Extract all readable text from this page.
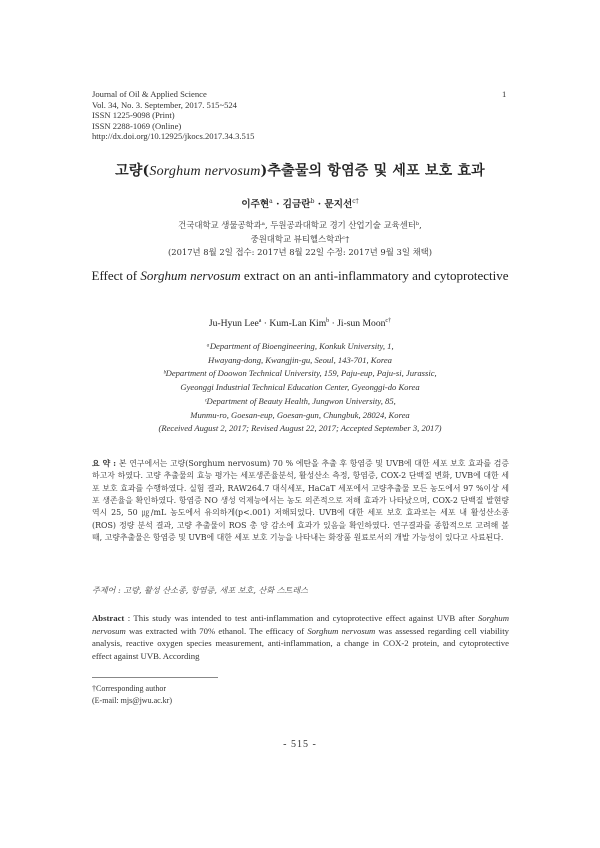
Journal of Oil & Applied Science
Vol. 34, No. 3. September, 2017. 515~524
ISSN 1225-9098 (Print)
ISSN 2288-1069 (Online)
http://dx.doi.org/10.12925/jkocs.2017.34.3.515
1
고량(Sorghum nervosum)추출물의 항염증 및 세포 보호 효과
이주현$^a$ · 김금란$^b$ · 문지선$^{c\dagger}$
건국대학교 생물공학과ᵃ, 두원공과대학교 경기 산업기술 교육센터ᵇ,
중원대학교 뷰티헬스학과ᶜ†
(2017년 8월 2일 접수: 2017년 8월 22일 수정: 2017년 9월 3일 채택)
Effect of Sorghum nervosum extract on an anti-inflammatory and cytoprotective
Ju-Hyun Lee$^a$ · Kum-Lan Kim$^b$ · Ji-sun Moon$^{c\dagger}$
ᵃDepartment of Bioengineering, Konkuk University, 1,
Hwayang-dong, Kwangjin-gu, Seoul, 143-701, Korea
ᵇDepartment of Doowon Technical University, 159, Paju-eup, Paju-si, Jurassic,
Gyeonggi Industrial Technical Education Center, Gyeonggi-do Korea
ᶜDepartment of Beauty Health, Jungwon University, 85,
Munmu-ro, Goesan-eup, Goesan-gun, Chungbuk, 28024, Korea
(Received August 2, 2017; Revised August 22, 2017; Accepted September 3, 2017)
요 약 : 본 연구에서는 고량(Sorghum nervosum) 70 % 에탄올 추출 후 항염증 및 UVB에 대한 세포 보호 효과를 검증하고자 하였다. 고량 추출물의 효능 평가는 세포생존율분석, 활성산소 측정, 항염증, COX-2 단백질 변화, UVB에 대한 세포 보호 효과를 수행하였다. 실험 결과, RAW264.7 대식세포, HaCaT 세포에서 고량추출물 모든 농도에서 97 %이상 세포 생존율을 확인하였다. 항염증 NO 생성 억제능에서는 농도 의존적으로 저해 효과가 나타났으며, COX-2 단백질 발현량 역시 25, 50 ㎍/mL 농도에서 유의하게(p<.001) 저해되었다. UVB에 대한 세포 보호 효과로는 세포 내 활성산소종(ROS) 정량 분석 결과, 고량 추출물이 ROS 총 양 감소에 효과가 있음을 확인하였다. 연구결과를 종합적으로 고려해 볼 때, 고량추출물은 항염증 및 UVB에 대한 세포 보호 기능을 나타내는 화장품 원료로서의 개발 가능성이 있다고 사료된다.
주제어 : 고량, 활성 산소종, 항염증, 세포 보호, 산화 스트레스
Abstract : This study was intended to test anti-inflammation and cytoprotective effect against UVB after Sorghum nervosum was extracted with 70% ethanol. The efficacy of Sorghum nervosum was assessed regarding cell viability analysis, reactive oxygen species measurement, anti-inflammation, a change in COX-2 protein, and cytoprotective effect against UVB. According
†Corresponding author
(E-mail: mjs@jwu.ac.kr)
- 515 -
